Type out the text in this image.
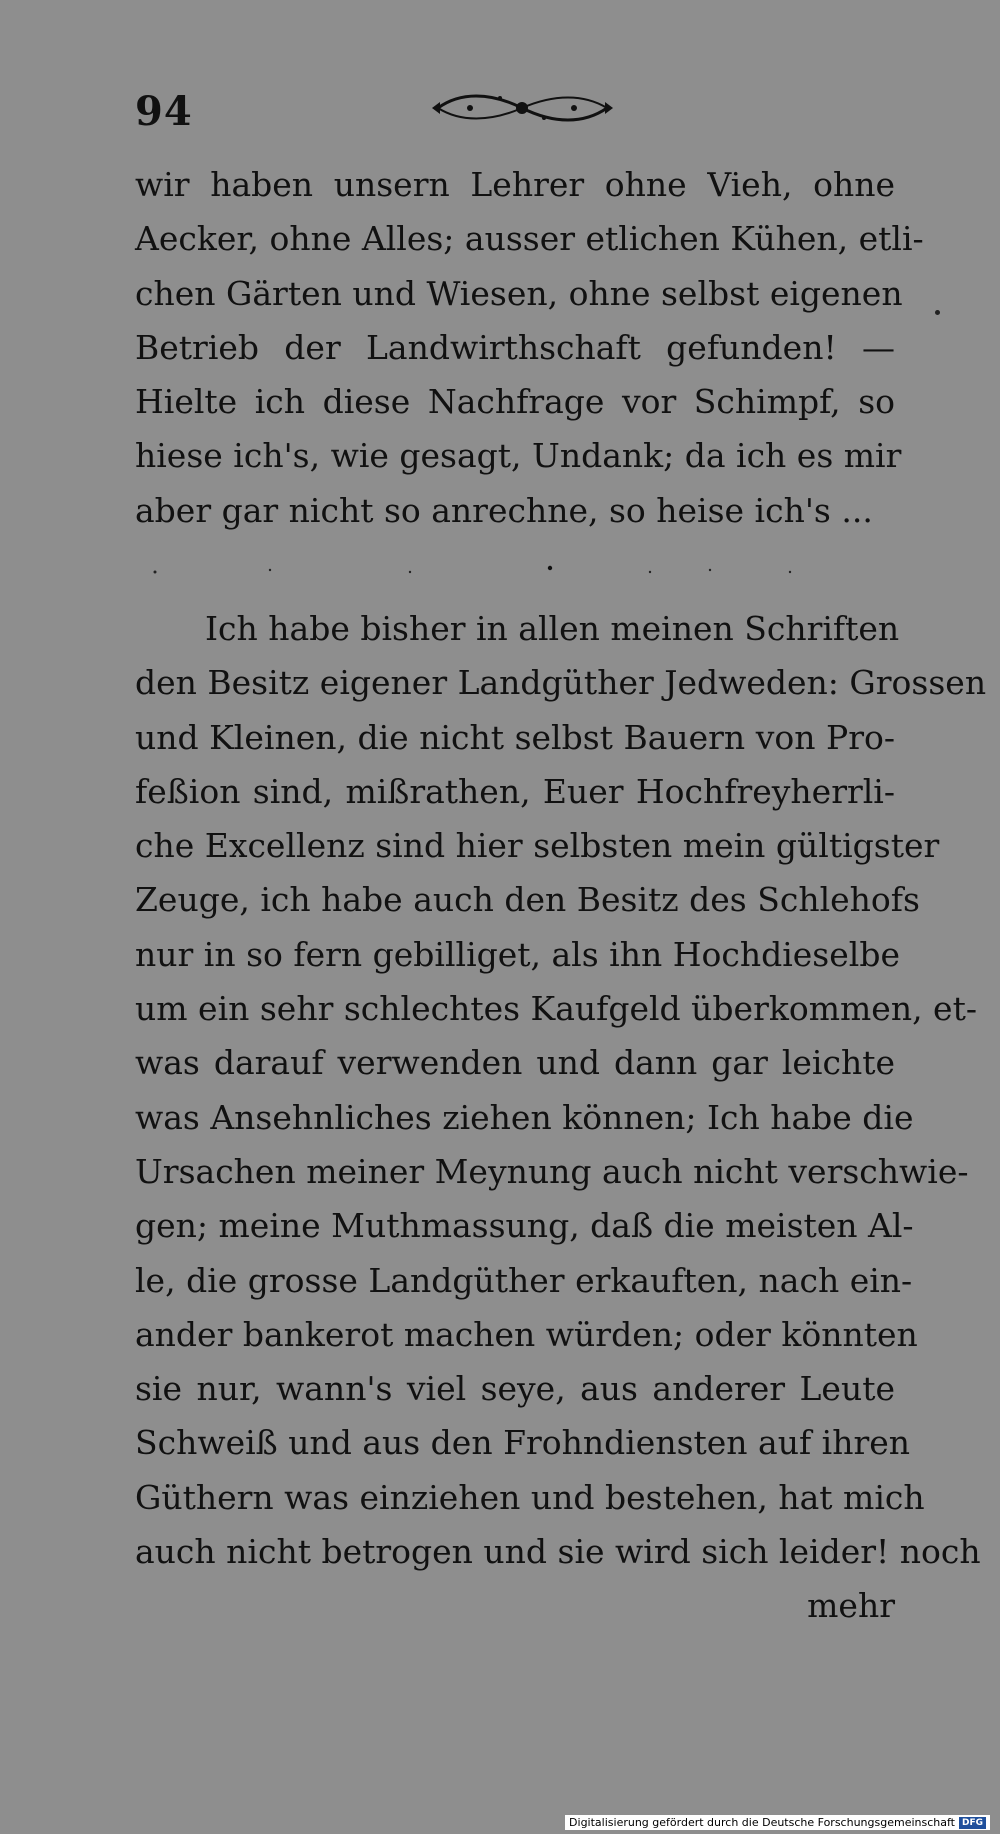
94
wir haben unsern Lehrer ohne Vieh, ohne
Aecker, ohne Alles; ausser etlichen Kühen, etli-
chen Gärten und Wiesen, ohne selbst eigenen
Betrieb der Landwirthschaft gefunden! —
Hielte ich diese Nachfrage vor Schimpf, so
hiese ich's, wie gesagt, Undank; da ich es mir
aber gar nicht so anrechne, so heise ich's ...
Ich habe bisher in allen meinen Schriften
den Besitz eigener Landgüther Jedweden: Grossen
und Kleinen, die nicht selbst Bauern von Pro-
feßion sind, mißrathen, Euer Hochfreyherrli-
che Excellenz sind hier selbsten mein gültigster
Zeuge, ich habe auch den Besitz des Schlehofs
nur in so fern gebilliget, als ihn Hochdieselbe
um ein sehr schlechtes Kaufgeld überkommen, et-
was darauf verwenden und dann gar leichte
was Ansehnliches ziehen können; Ich habe die
Ursachen meiner Meynung auch nicht verschwie-
gen; meine Muthmassung, daß die meisten Al-
le, die grosse Landgüther erkauften, nach ein-
ander bankerot machen würden; oder könnten
sie nur, wann's viel seye, aus anderer Leute
Schweiß und aus den Frohndiensten auf ihren
Güthern was einziehen und bestehen, hat mich
auch nicht betrogen und sie wird sich leider! noch
mehr
Digitalisierung gefördert durch die Deutsche Forschungsgemeinschaft DFG
